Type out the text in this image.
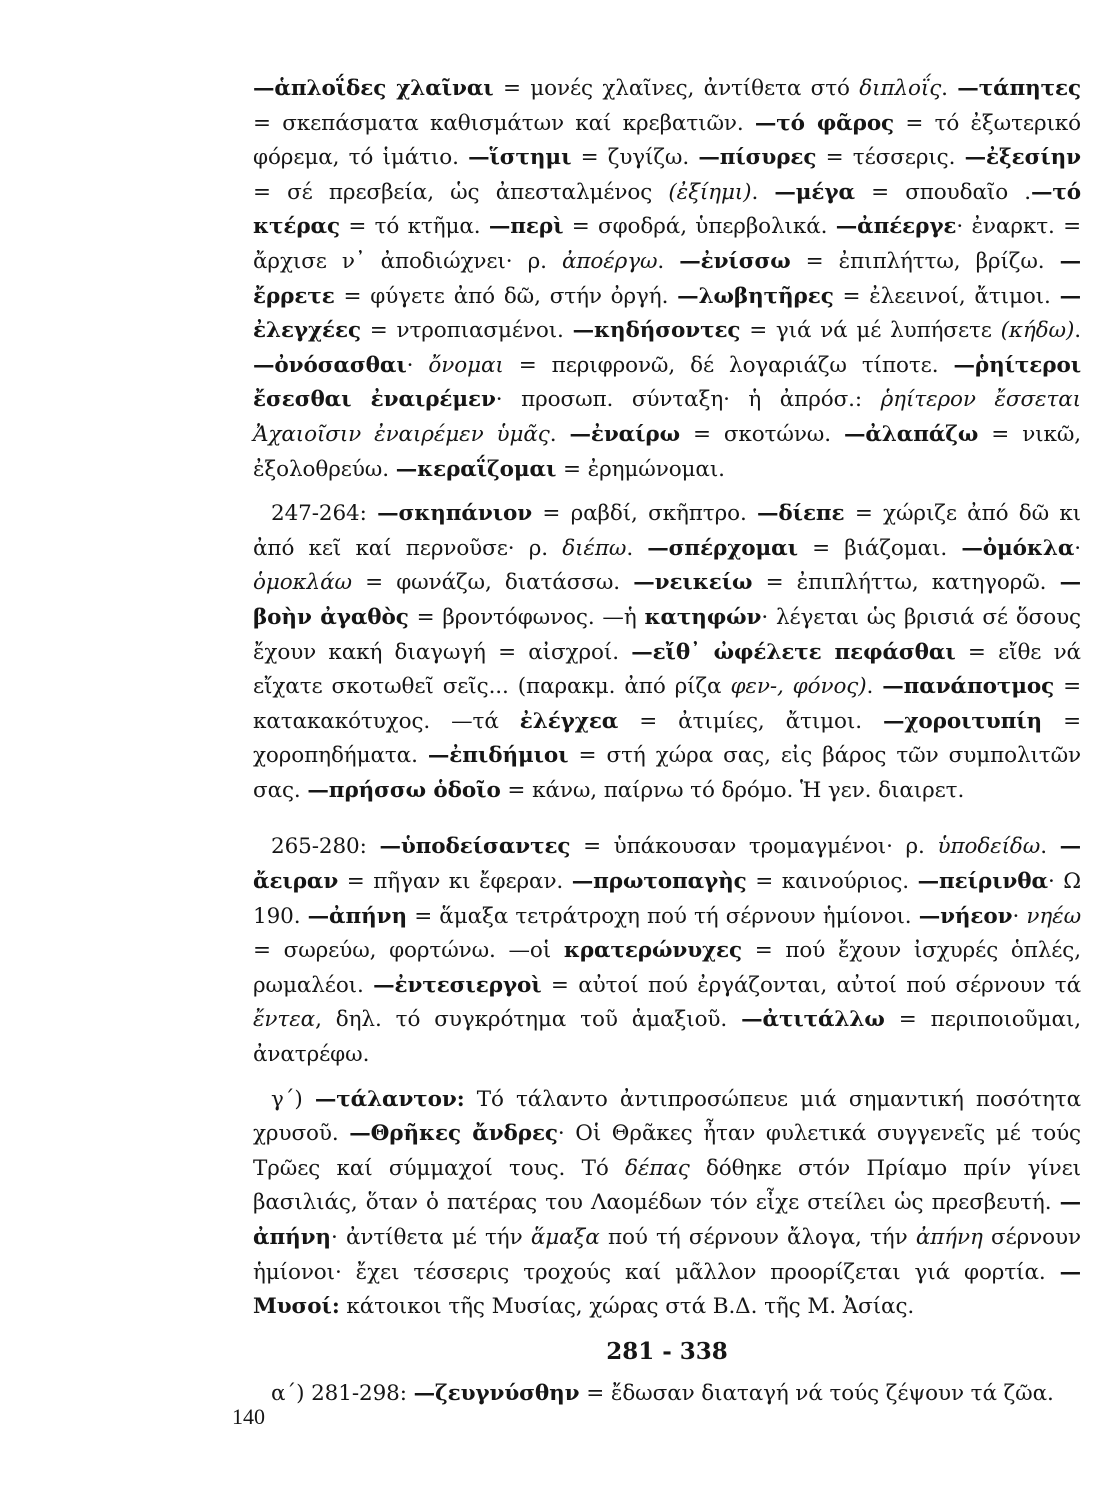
—ἁπλοΐδες χλαῖναι = μονές χλαῖνες, ἀντίθετα στό διπλοΐς. —τάπητες = σκεπάσματα καθισμάτων καί κρεβατιῶν. —τό φᾶρος = τό ἐξωτερικό φόρεμα, τό ἱμάτιο. —ἵστημι = ζυγίζω. —πίσυρες = τέσσερις. —ἐξεσίην = σέ πρεσβεία, ὡς ἀπεσταλμένος (ἐξίημι). —μέγα = σπουδαῖο .—τό κτέρας = τό κτῆμα. —περὶ = σφοδρά, ὑπερβολικά. —ἀπέεργε· ἐναρκτ. = ἄρχισε ν᾽ ἀποδιώχνει· ρ. ἀποέργω. —ἐνίσσω = ἐπιπλήττω, βρίζω. —ἔρρετε = φύγετε ἀπό δῶ, στήν ὀργή. —λωβητῆρες = ἐλεεινοί, ἄτιμοι. —ἐλεγχέες = ντροπιασμένοι. —κηδήσοντες = γιά νά μέ λυπήσετε (κήδω). —ὀνόσασθαι· ὄνομαι = περιφρονῶ, δέ λογαριάζω τίποτε. —ῥηίτεροι ἔσεσθαι ἐναιρέμεν· προσωπ. σύνταξη· ἡ ἀπρόσ.: ῥηίτερον ἔσσεται Ἀχαιοῖσιν ἐναιρέμεν ὑμᾶς. —ἐναίρω = σκοτώνω. —ἀλαπάζω = νικῶ, ἐξολοθρεύω. —κεραΐζομαι = ἐρημώνομαι.

247-264: —σκηπάνιον = ραβδί, σκῆπτρο. —δίεπε = χώριζε ἀπό δῶ κι ἀπό κεῖ καί περνοῦσε· ρ. διέπω. —σπέρχομαι = βιάζομαι. —ὀμόκλα· ὁμοκλάω = φωνάζω, διατάσσω. —νεικείω = ἐπιπλήττω, κατηγορῶ. —βοὴν ἀγαθὸς = βροντόφωνος. —ἡ κατηφών· λέγεται ὡς βρισιά σέ ὅσους ἔχουν κακή διαγωγή = αἰσχροί. —εἴθ᾽ ὠφέλετε πεφάσθαι = εἴθε νά εἴχατε σκοτωθεῖ σεῖς... (παρακμ. ἀπό ρίζα φεν-, φόνος). —πανάποτμος = κατακακότυχος. —τά ἐλέγχεα = ἀτιμίες, ἄτιμοι. —χοροιτυπίη = χοροπηδήματα. —ἐπιδήμιοι = στή χώρα σας, εἰς βάρος τῶν συμπολιτῶν σας. —πρήσσω ὁδοῖο = κάνω, παίρνω τό δρόμο. Ἡ γεν. διαιρετ.

265-280: —ὑποδείσαντες = ὑπάκουσαν τρομαγμένοι· ρ. ὑποδείδω. —ἄειραν = πῆγαν κι ἔφεραν. —πρωτοπαγὴς = καινούριος. —πείρινθα· Ω 190. —ἀπήνη = ἅμαξα τετράτροχη πού τή σέρνουν ἡμίονοι. —νήεον· νηέω = σωρεύω, φορτώνω. —οἱ κρατερώνυχες = πού ἔχουν ἰσχυρές ὁπλές, ρωμαλέοι. —ἐντεσιεργοὶ = αὐτοί πού ἐργάζονται, αὐτοί πού σέρνουν τά ἔντεα, δηλ. τό συγκρότημα τοῦ ἁμαξιοῦ. —ἀτιτάλλω = περιποιοῦμαι, ἀνατρέφω.

γ΄) —τάλαντον: Τό τάλαντο ἀντιπροσώπευε μιά σημαντική ποσότητα χρυσοῦ. —Θρῆκες ἄνδρες· Οἱ Θρᾶκες ἦταν φυλετικά συγγενεῖς μέ τούς Τρῶες καί σύμμαχοί τους. Τό δέπας δόθηκε στόν Πρίαμο πρίν γίνει βασιλιάς, ὅταν ὁ πατέρας του Λαομέδων τόν εἶχε στείλει ὡς πρεσβευτή. —ἀπήνη· ἀντίθετα μέ τήν ἅμαξα πού τή σέρνουν ἄλογα, τήν ἀπήνη σέρνουν ἡμίονοι· ἔχει τέσσερις τροχούς καί μᾶλλον προορίζεται γιά φορτία. —Μυσοί: κάτοικοι τῆς Μυσίας, χώρας στά Β.Δ. τῆς Μ. Ἀσίας.

281 - 338

α΄) 281-298: —ζευγνύσθην = ἔδωσαν διαταγή νά τούς ζέψουν τά ζῶα.

140
